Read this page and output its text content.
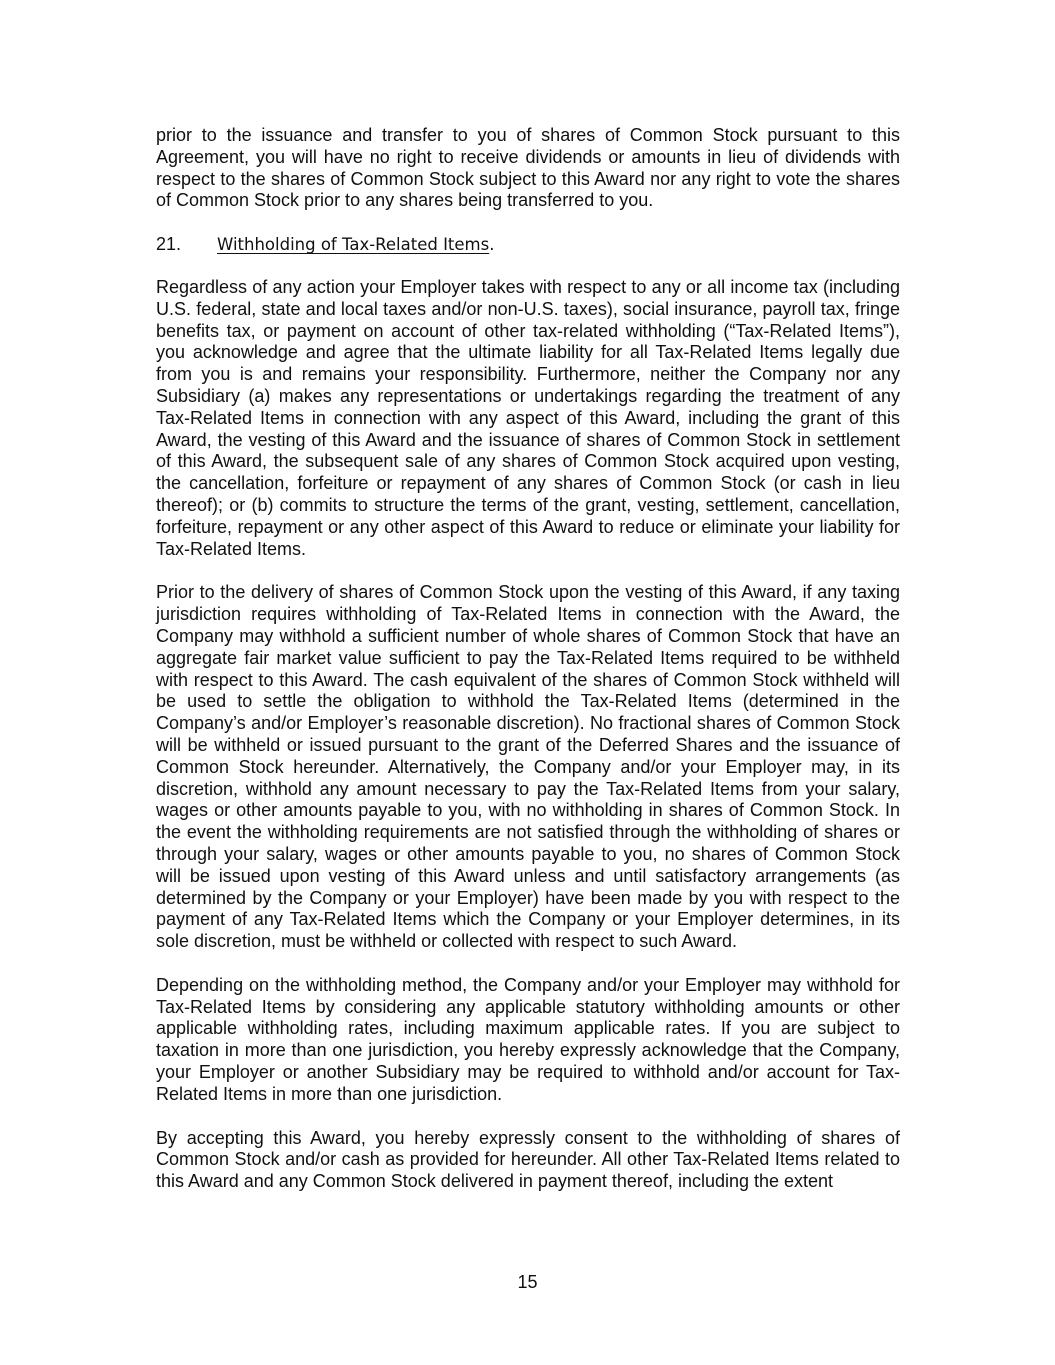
prior to the issuance and transfer to you of shares of Common Stock pursuant to this Agreement, you will have no right to receive dividends or amounts in lieu of dividends with respect to the shares of Common Stock subject to this Award nor any right to vote the shares of Common Stock prior to any shares being transferred to you.

21.	Withholding of Tax-Related Items .

Regardless of any action your Employer takes with respect to any or all income tax (including U.S. federal, state and local taxes and/or non-U.S. taxes), social insurance, payroll tax, fringe benefits tax, or payment on account of other tax-related withholding (“Tax-Related Items”), you acknowledge and agree that the ultimate liability for all Tax-Related Items legally due from you is and remains your responsibility. Furthermore, neither the Company nor any Subsidiary (a) makes any representations or undertakings regarding the treatment of any Tax-Related Items in connection with any aspect of this Award, including the grant of this Award, the vesting of this Award and the issuance of shares of Common Stock in settlement of this Award, the subsequent sale of any shares of Common Stock acquired upon vesting, the cancellation, forfeiture or repayment of any shares of Common Stock (or cash in lieu thereof); or (b) commits to structure the terms of the grant, vesting, settlement, cancellation, forfeiture, repayment or any other aspect of this Award to reduce or eliminate your liability for Tax-Related Items.

Prior to the delivery of shares of Common Stock upon the vesting of this Award, if any taxing jurisdiction requires withholding of Tax-Related Items in connection with the Award, the Company may withhold a sufficient number of whole shares of Common Stock that have an aggregate fair market value sufficient to pay the Tax-Related Items required to be withheld with respect to this Award. The cash equivalent of the shares of Common Stock withheld will be used to settle the obligation to withhold the Tax-Related Items (determined in the Company’s and/or Employer’s reasonable discretion). No fractional shares of Common Stock will be withheld or issued pursuant to the grant of the Deferred Shares and the issuance of Common Stock hereunder. Alternatively, the Company and/or your Employer may, in its discretion, withhold any amount necessary to pay the Tax-Related Items from your salary, wages or other amounts payable to you, with no withholding in shares of Common Stock. In the event the withholding requirements are not satisfied through the withholding of shares or through your salary, wages or other amounts payable to you, no shares of Common Stock will be issued upon vesting of this Award unless and until satisfactory arrangements (as determined by the Company or your Employer) have been made by you with respect to the payment of any Tax-Related Items which the Company or your Employer determines, in its sole discretion, must be withheld or collected with respect to such Award.

Depending on the withholding method, the Company and/or your Employer may withhold for Tax-Related Items by considering any applicable statutory withholding amounts or other applicable withholding rates, including maximum applicable rates. If you are subject to taxation in more than one jurisdiction, you hereby expressly acknowledge that the Company, your Employer or another Subsidiary may be required to withhold and/or account for Tax-Related Items in more than one jurisdiction.

By accepting this Award, you hereby expressly consent to the withholding of shares of Common Stock and/or cash as provided for hereunder. All other Tax-Related Items related to this Award and any Common Stock delivered in payment thereof, including the extent

15
